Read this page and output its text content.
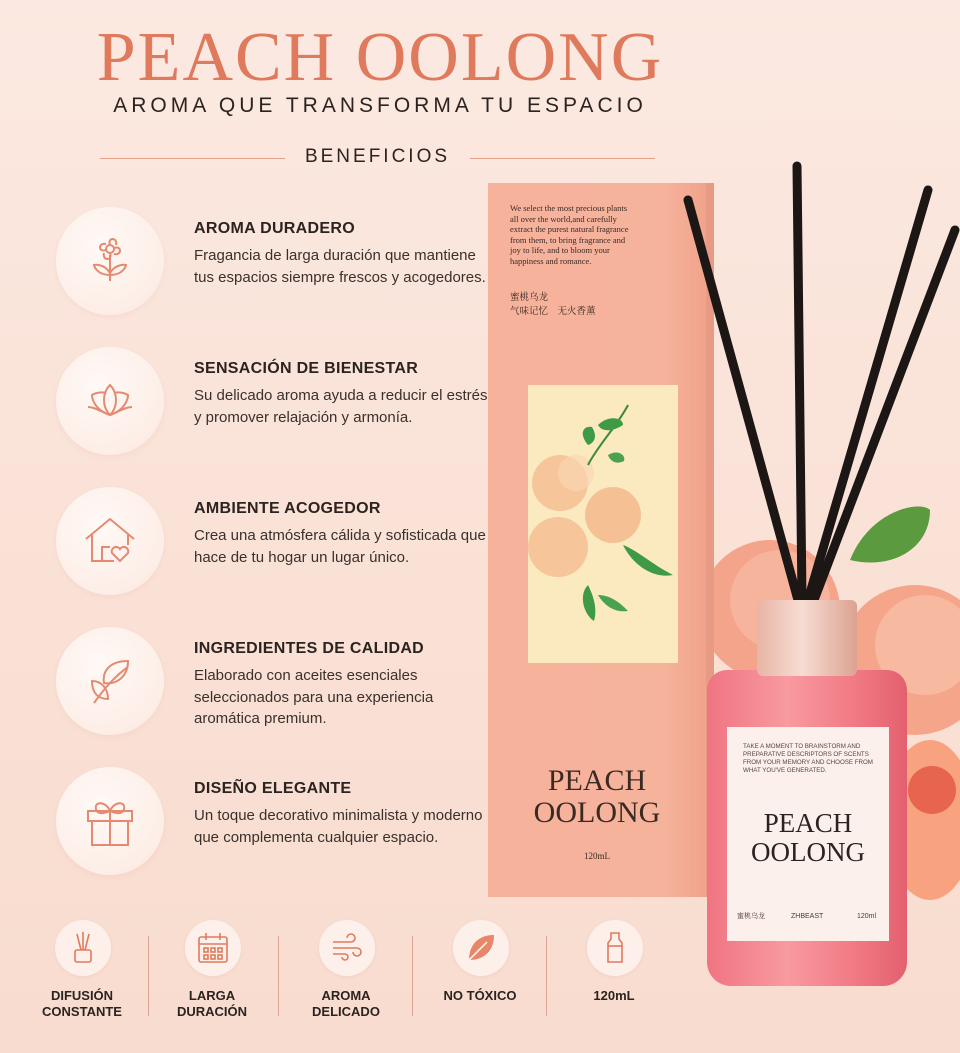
PEACH OOLONG
AROMA QUE TRANSFORMA TU ESPACIO
BENEFICIOS
AROMA DURADERO
Fragancia de larga duración que mantiene tus espacios siempre frescos y acogedores.
SENSACIÓN DE BIENESTAR
Su delicado aroma ayuda a reducir el estrés y promover relajación y armonía.
AMBIENTE ACOGEDOR
Crea una atmósfera cálida y sofisticada que hace de tu hogar un lugar único.
INGREDIENTES DE CALIDAD
Elaborado con aceites esenciales seleccionados para una experiencia aromática premium.
DISEÑO ELEGANTE
Un toque decorativo minimalista y moderno que complementa cualquier espacio.
We select the most precious plants all over the world,and carefully extract the purest natural fragrance from them, to bring fragrance and joy to life, and to bloom your happiness and romance.
蜜桃乌龙
气味记忆　无火香薰
PEACH
OOLONG
120mL
TAKE A MOMENT TO BRAINSTORM AND PREPARATIVE DESCRIPTORS OF SCENTS FROM YOUR MEMORY AND CHOOSE FROM WHAT YOU'VE GENERATED.
PEACH
OOLONG
蜜桃乌龙	ZHBEAST	120ml
DIFUSIÓN
CONSTANTE
LARGA
DURACIÓN
AROMA
DELICADO
NO TÓXICO	120mL
